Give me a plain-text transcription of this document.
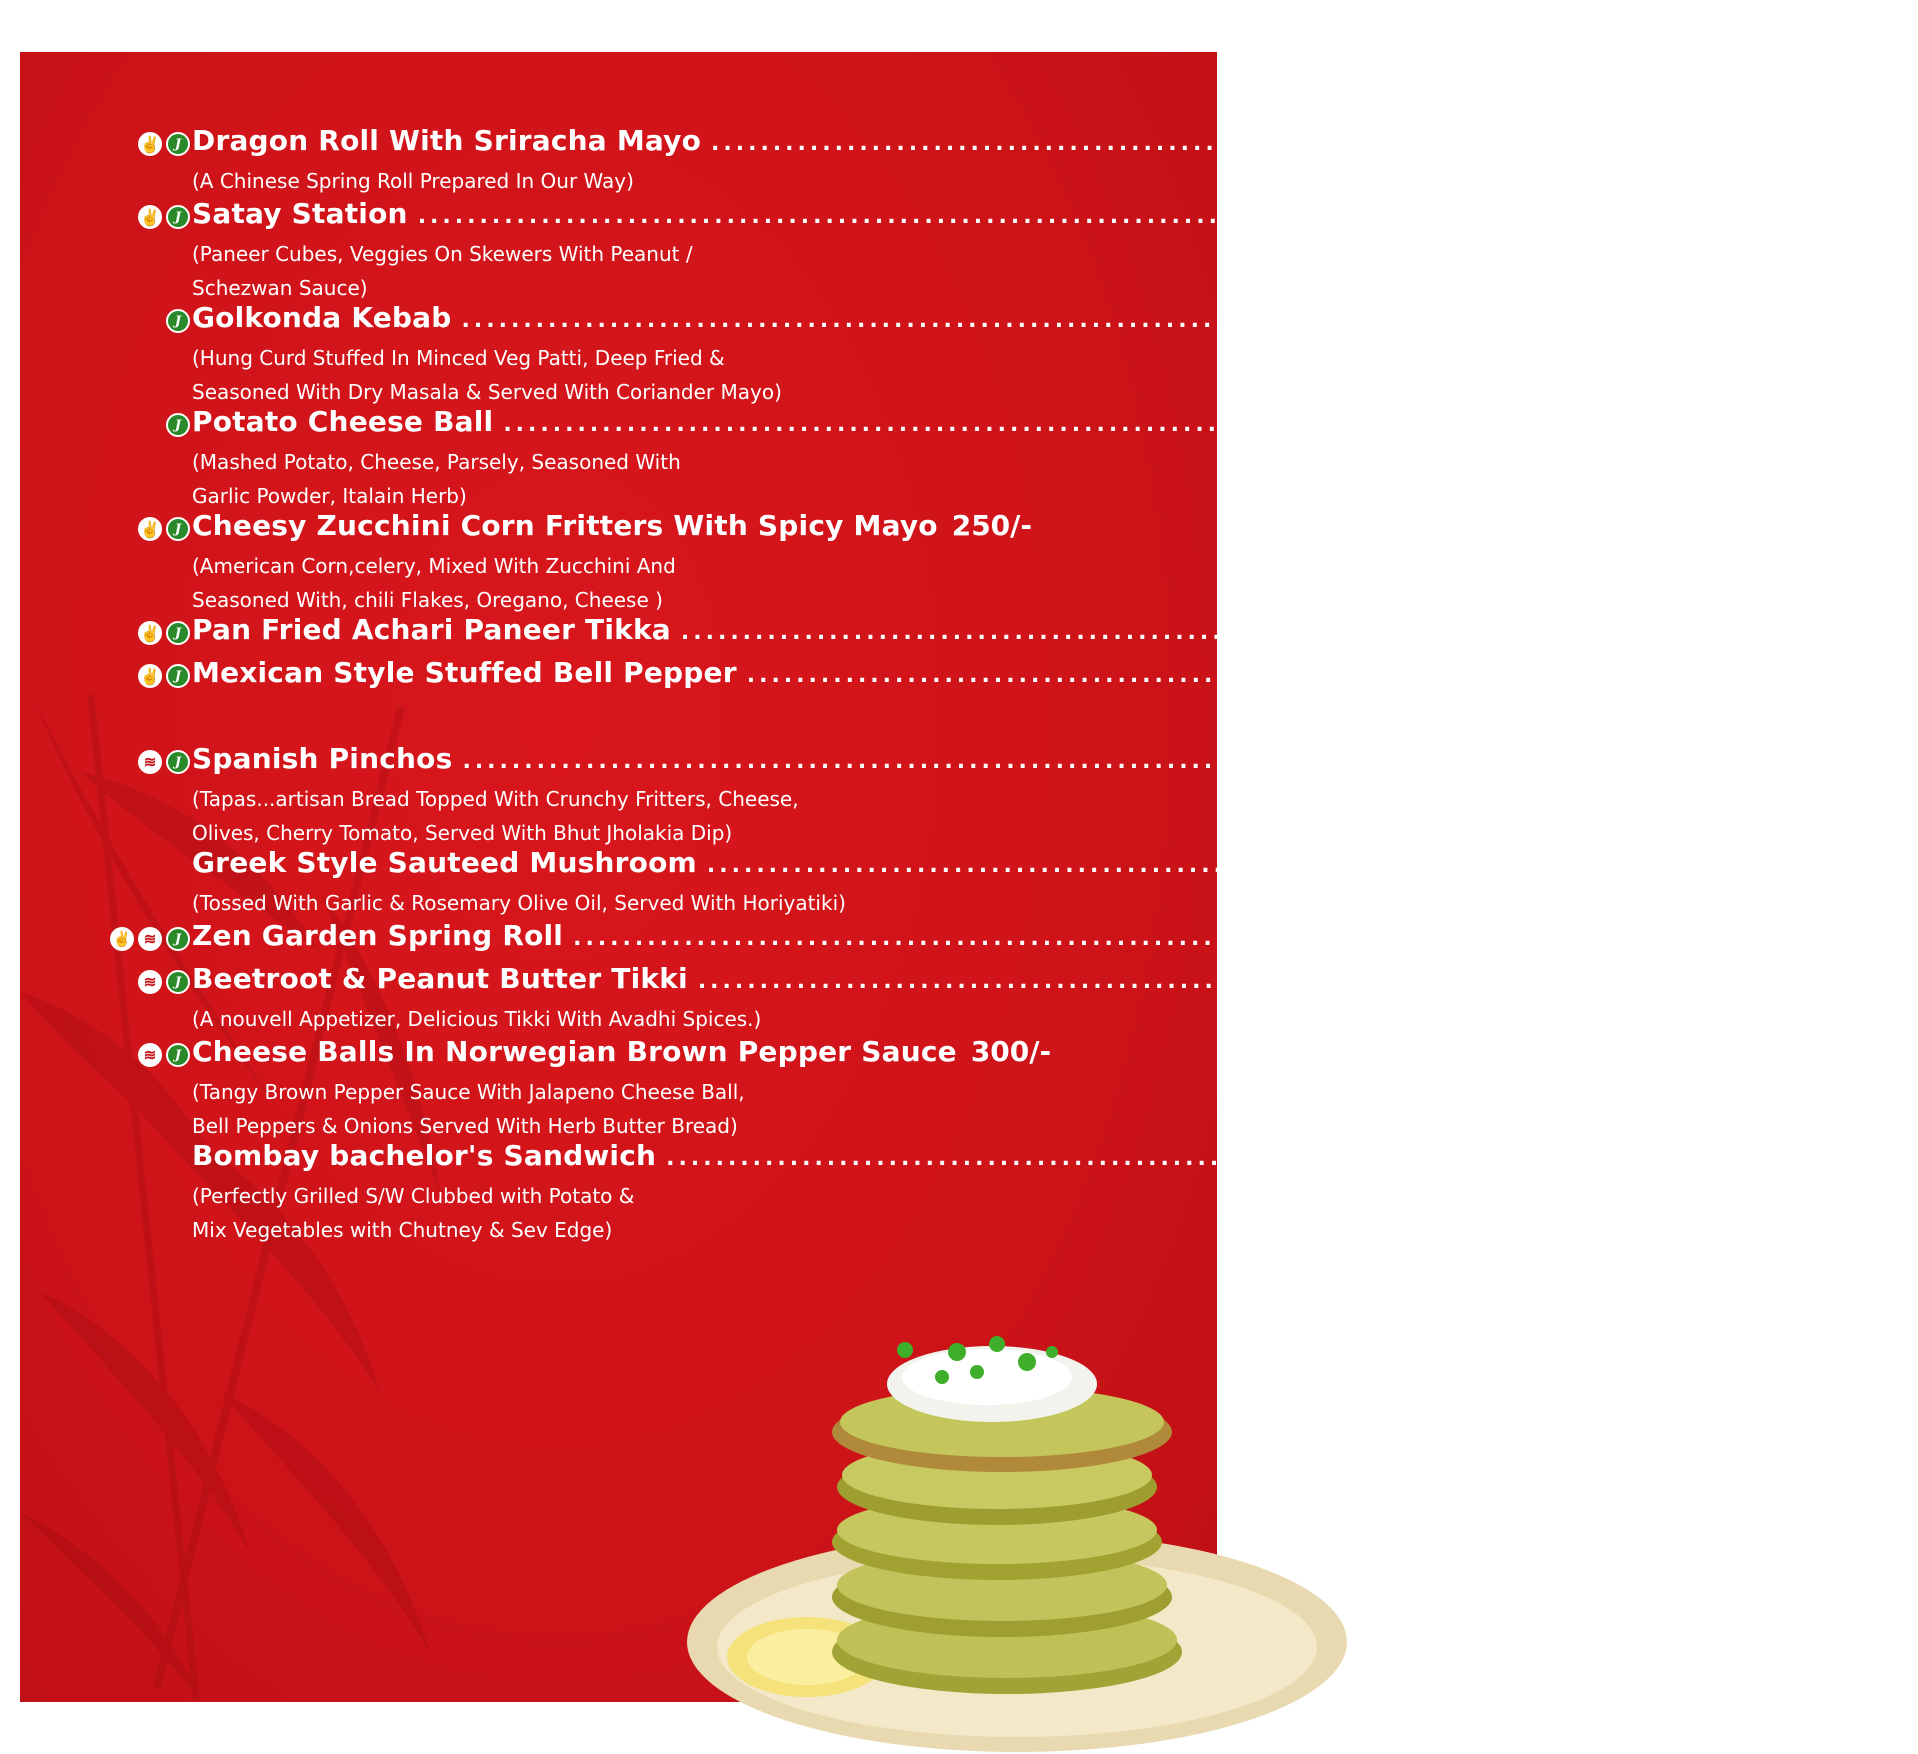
✌	J Dragon Roll With Sriracha Mayo ........................................................................................ 260/-
(A Chinese Spring Roll Prepared In Our Way)
✌	J Satay Station ........................................................................................ 260/-
(Paneer Cubes, Veggies On Skewers With Peanut /
Schezwan Sauce)
J Golkonda Kebab ........................................................................................ 250/-
(Hung Curd Stuffed In Minced Veg Patti, Deep Fried &
Seasoned With Dry Masala & Served With Coriander Mayo)
J Potato Cheese Ball ........................................................................................ 210/-
(Mashed Potato, Cheese, Parsely, Seasoned With
Garlic Powder, Italain Herb)
✌	J Cheesy Zucchini Corn Fritters With Spicy Mayo 250/-
(American Corn,celery, Mixed With Zucchini And
Seasoned With, chili Flakes, Oregano, Cheese )
✌	J Pan Fried Achari Paneer Tikka ........................................................................................ 290/-
✌	J Mexican Style Stuffed Bell Pepper ........................................................................................ 290/-
≋	J Spanish Pinchos ........................................................................................ 250/-
(Tapas...artisan Bread Topped With Crunchy Fritters, Cheese,
Olives, Cherry Tomato, Served With Bhut Jholakia Dip)
Greek Style Sauteed Mushroom ........................................................................................ 300/-
(Tossed With Garlic & Rosemary Olive Oil, Served With Horiyatiki)
✌ ≋	J Zen Garden Spring Roll ........................................................................................ 200/-
≋	J Beetroot & Peanut Butter Tikki ........................................................................................ 210/-
(A nouvell Appetizer, Delicious Tikki With Avadhi Spices.)
≋	J Cheese Balls In Norwegian Brown Pepper Sauce 300/-
(Tangy Brown Pepper Sauce With Jalapeno Cheese Ball,
Bell Peppers & Onions Served With Herb Butter Bread)
Bombay bachelor's Sandwich ........................................................................................ 190/-
(Perfectly Grilled S/W Clubbed with Potato &
Mix Vegetables with Chutney & Sev Edge)
